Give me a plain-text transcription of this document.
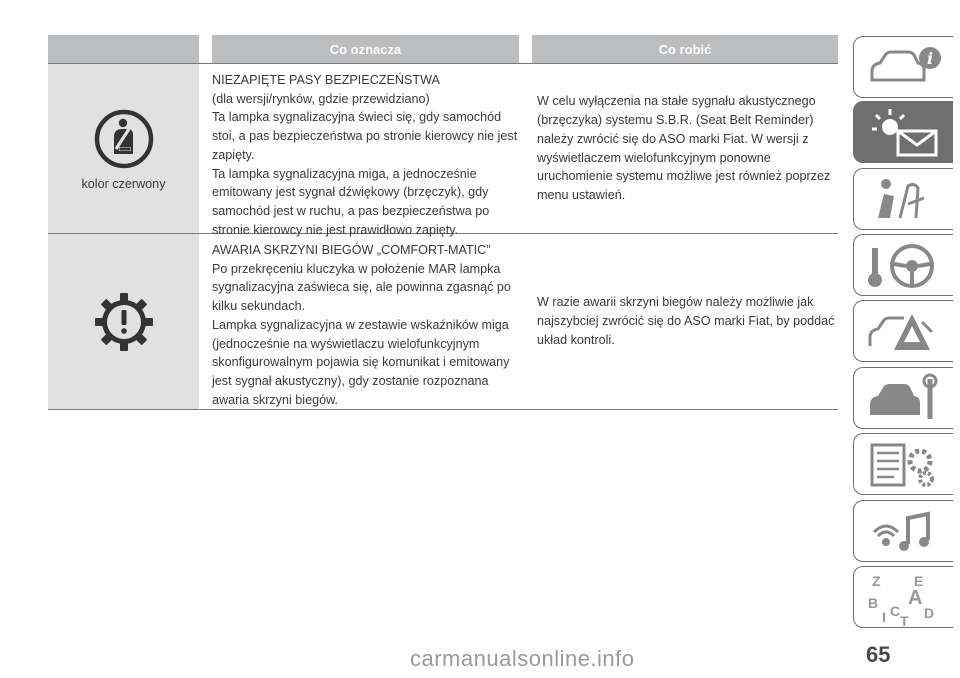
Co oznacza	Co robić
kolor czerwony

NIEZAPIĘTE PASY BEZPIECZEŃSTWA
(dla wersji/rynków, gdzie przewidziano)
Ta lampka sygnalizacyjna świeci się, gdy samochód
stoi, a pas bezpieczeństwa po stronie kierowcy nie jest
zapięty.
Ta lampka sygnalizacyjna miga, a jednocześnie
emitowany jest sygnał dźwiękowy (brzęczyk), gdy
samochód jest w ruchu, a pas bezpieczeństwa po
stronie kierowcy nie jest prawidłowo zapięty.

W celu wyłączenia na stałe sygnału akustycznego
(brzęczyka) systemu S.B.R. (Seat Belt Reminder)
należy zwrócić się do ASO marki Fiat. W wersji z
wyświetlaczem wielofunkcyjnym ponowne
uruchomienie systemu możliwe jest również poprzez
menu ustawień.

AWARIA SKRZYNI BIEGÓW „COMFORT-MATIC”
Po przekręceniu kluczyka w położenie MAR lampka
sygnalizacyjna zaświeca się, ale powinna zgasnąć po
kilku sekundach.
Lampka sygnalizacyjna w zestawie wskaźników miga
(jednocześnie na wyświetlaczu wielofunkcyjnym
skonfigurowalnym pojawia się komunikat i emitowany
jest sygnał akustyczny), gdy zostanie rozpoznana
awaria skrzyni biegów.

W razie awarii skrzyni biegów należy możliwie jak
najszybciej zwrócić się do ASO marki Fiat, by poddać
układ kontroli.

i
Z E
B A
C D
T
I
65
carmanualsonline.info
